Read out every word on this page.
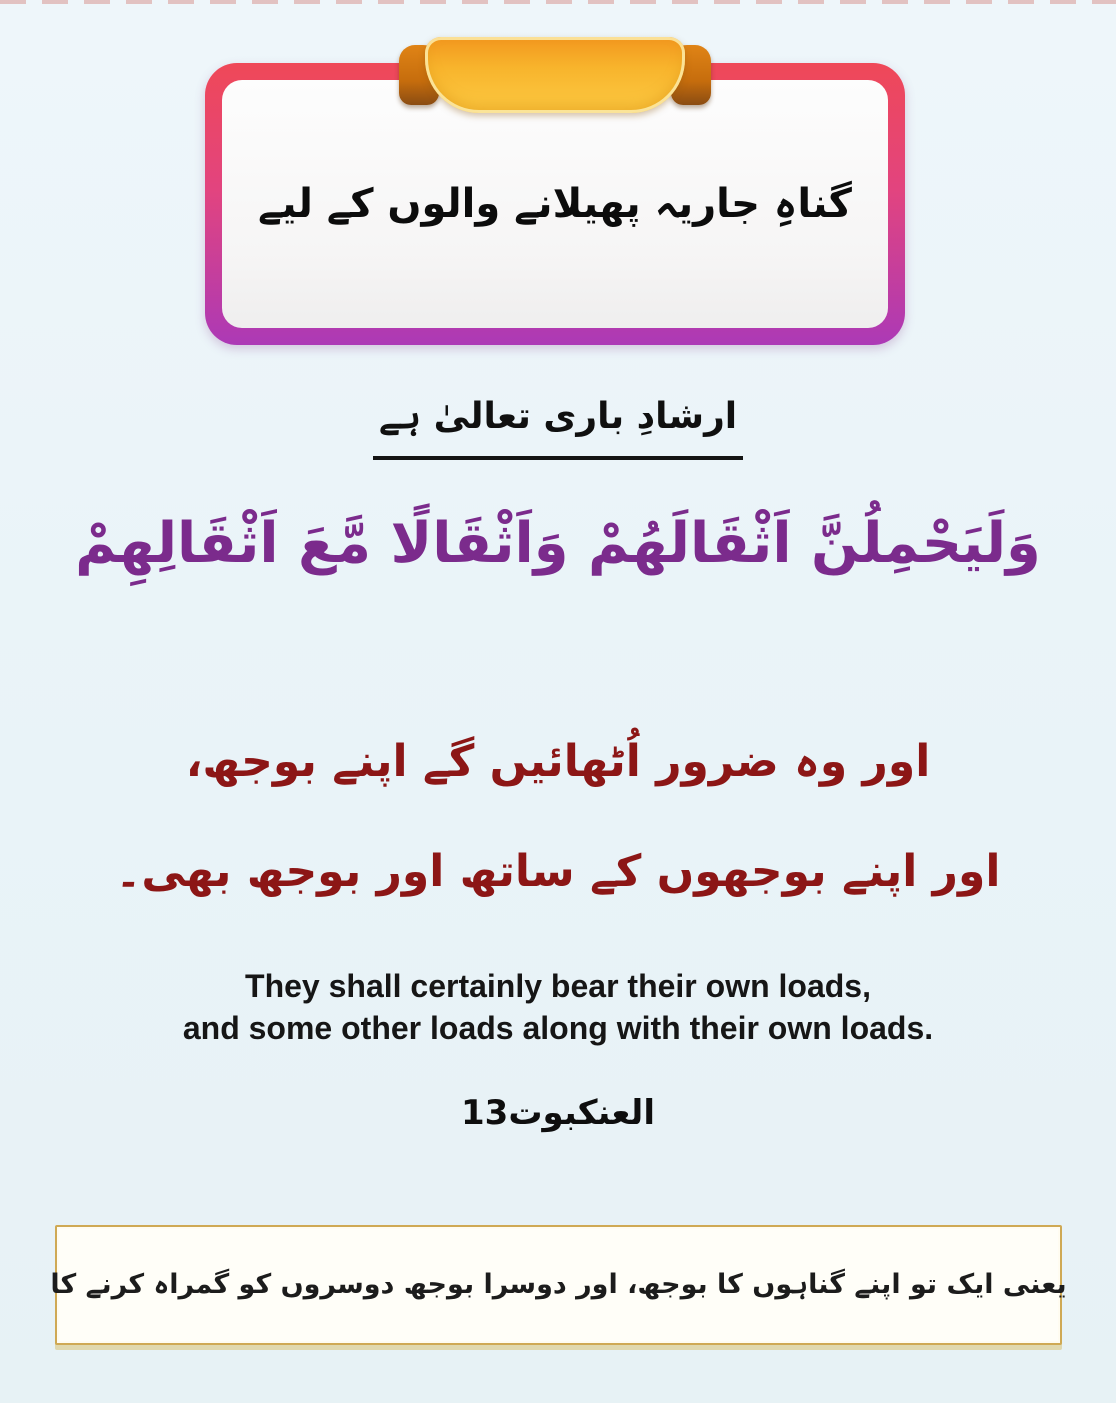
گناہِ جاریہ پھیلانے والوں کے لیے
ارشادِ باری تعالیٰ ہے
وَلَيَحْمِلُنَّ اَثْقَالَهُمْ وَاَثْقَالًا مَّعَ اَثْقَالِهِمْ
اور وہ ضرور اُٹھائیں گے اپنے بوجھ،
اور اپنے بوجھوں کے ساتھ اور بوجھ بھی۔
They shall certainly bear their own loads,
and some other loads along with their own loads.
العنكبوت13
یعنی ایک تو اپنے گناہوں کا بوجھ، اور دوسرا بوجھ دوسروں کو گمراہ کرنے کا
